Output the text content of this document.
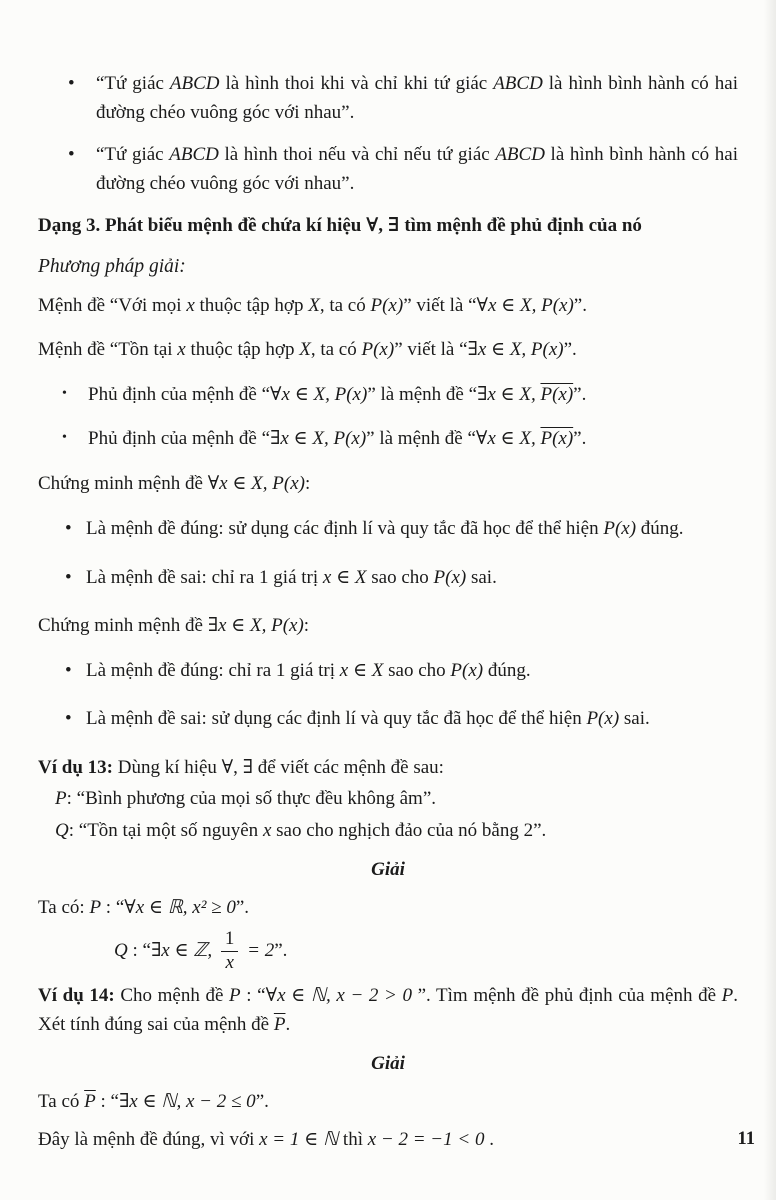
• “Tứ giác ABCD là hình thoi khi và chỉ khi tứ giác ABCD là hình bình hành có hai đường chéo vuông góc với nhau”.

• “Tứ giác ABCD là hình thoi nếu và chỉ nếu tứ giác ABCD là hình bình hành có hai đường chéo vuông góc với nhau”.

Dạng 3. Phát biểu mệnh đề chứa kí hiệu ∀, ∃ tìm mệnh đề phủ định của nó

Phương pháp giải:

Mệnh đề “Với mọi x thuộc tập hợp X, ta có P(x)” viết là “∀x ∈ X, P(x)”.

Mệnh đề “Tồn tại x thuộc tập hợp X, ta có P(x)” viết là “∃x ∈ X, P(x)”.

• Phủ định của mệnh đề “∀x ∈ X, P(x)” là mệnh đề “∃x ∈ X, P(x)”.

• Phủ định của mệnh đề “∃x ∈ X, P(x)” là mệnh đề “∀x ∈ X, P(x)”.

Chứng minh mệnh đề ∀x ∈ X, P(x):

• Là mệnh đề đúng: sử dụng các định lí và quy tắc đã học để thể hiện P(x) đúng.

• Là mệnh đề sai: chỉ ra 1 giá trị x ∈ X sao cho P(x) sai.

Chứng minh mệnh đề ∃x ∈ X, P(x):

• Là mệnh đề đúng: chỉ ra 1 giá trị x ∈ X sao cho P(x) đúng.

• Là mệnh đề sai: sử dụng các định lí và quy tắc đã học để thể hiện P(x) sai.

Ví dụ 13: Dùng kí hiệu ∀, ∃ để viết các mệnh đề sau:

P: “Bình phương của mọi số thực đều không âm”.

Q: “Tồn tại một số nguyên x sao cho nghịch đảo của nó bằng 2”.

Giải

Ta có: P : “∀x ∈ ℝ, x² ≥ 0”.

Q : “∃x ∈ ℤ, $\frac{1}{x} = 2$”.

Ví dụ 14: Cho mệnh đề P : “∀x ∈ ℕ, x − 2 > 0 ”. Tìm mệnh đề phủ định của mệnh đề P. Xét tính đúng sai của mệnh đề $\overline{P}$.

Giải

Ta có $\overline{P}$ : “∃x ∈ ℕ, x − 2 ≤ 0”.

Đây là mệnh đề đúng, vì với x = 1 ∈ ℕ thì x − 2 = −1 < 0 .	11
